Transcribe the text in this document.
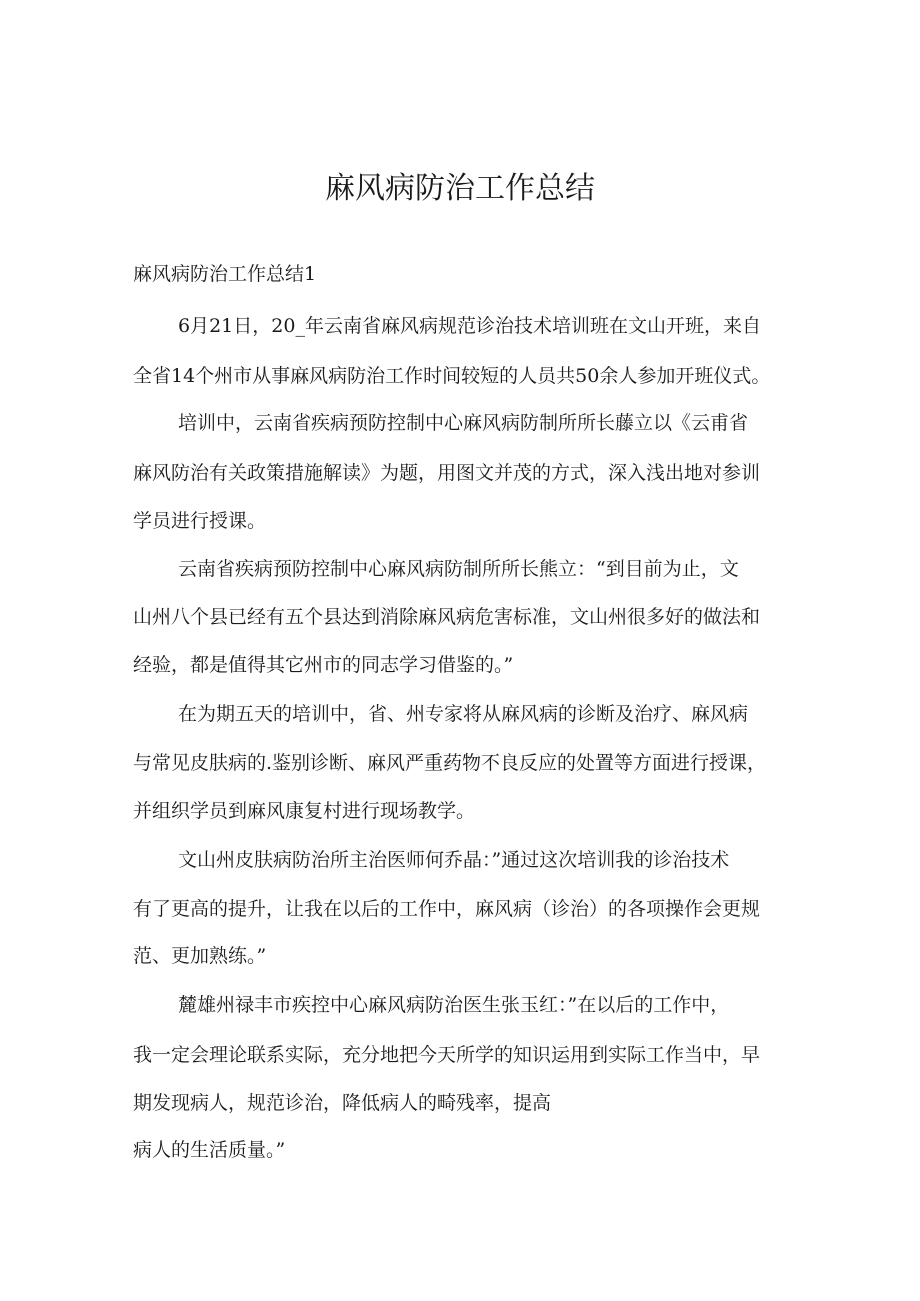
麻风病防治工作总结

麻风病防治工作总结1

6月21日，20_年云南省麻风病规范诊治技术培训班在文山开班，来自

全省14个州市从事麻风病防治工作时间较短的人员共50余人参加开班仪式。

培训中，云南省疾病预防控制中心麻风病防制所所长藤立以《云甫省

麻风防治有关政策措施解读》为题，用图文并茂的方式，深入浅出地对参训

学员进行授课。

云南省疾病预防控制中心麻风病防制所所长熊立：“到目前为止，文

山州八个县已经有五个县达到消除麻风病危害标准，文山州很多好的做法和

经验，都是值得其它州市的同志学习借鉴的。”

在为期五天的培训中，省、州专家将从麻风病的诊断及治疗、麻风病

与常见皮肤病的.鉴别诊断、麻风严重药物不良反应的处置等方面进行授课，

并组织学员到麻风康复村进行现场教学。

文山州皮肤病防治所主治医师何乔晶：”通过这次培训我的诊治技术

有了更高的提升，让我在以后的工作中，麻风病（诊治）的各项操作会更规

范、更加熟练。”

麓雄州禄丰市疾控中心麻风病防治医生张玉红：”在以后的工作中，

我一定会理论联系实际，充分地把今天所学的知识运用到实际工作当中，早

期发现病人，规范诊治，降低病人的畸残率，提高

病人的生活质量。”
